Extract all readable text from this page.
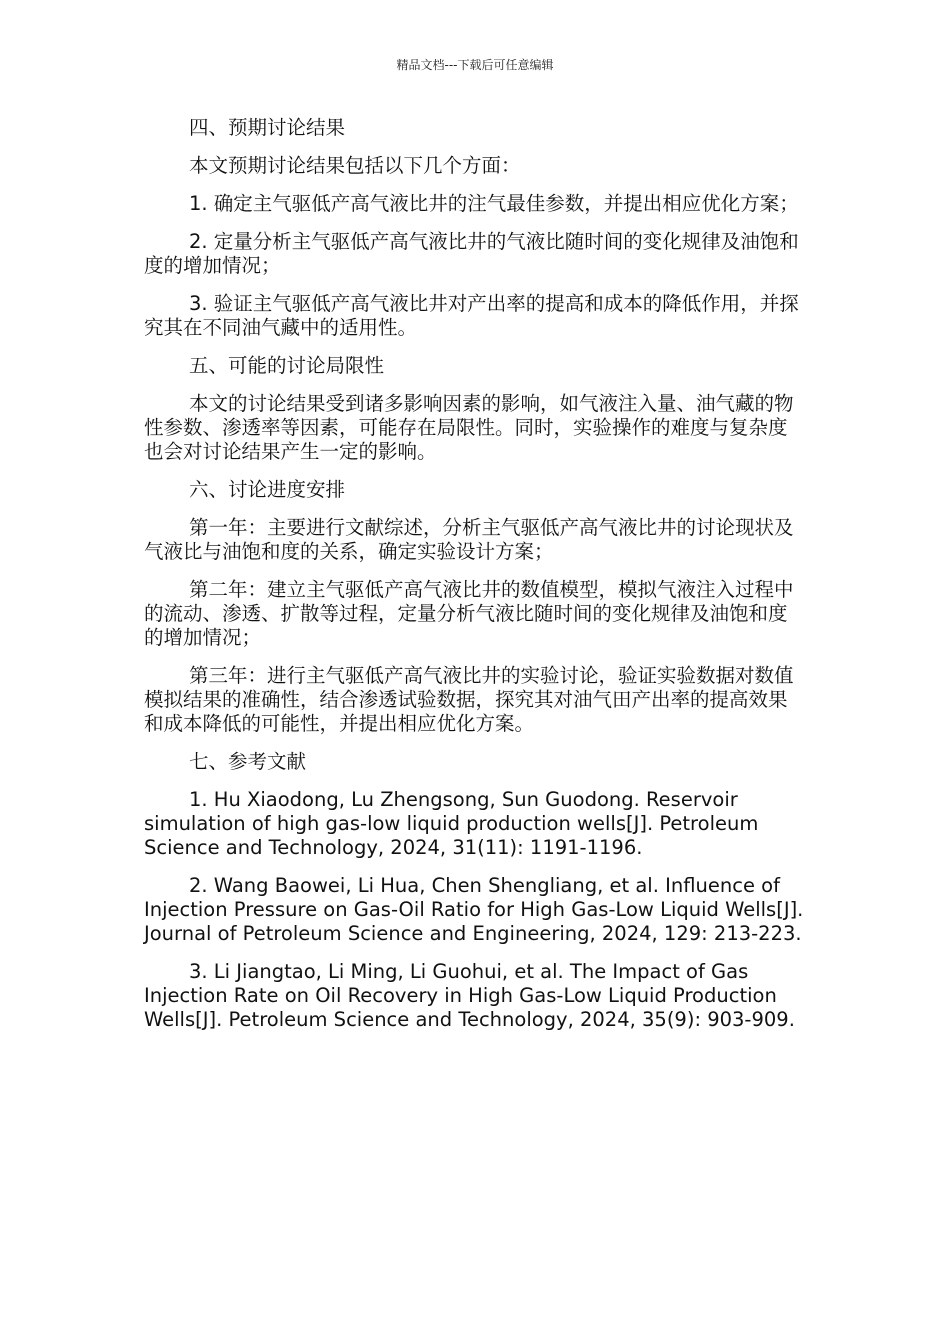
精品文档---下载后可任意编辑
四、预期讨论结果
本文预期讨论结果包括以下几个方面：
1. 确定主气驱低产高气液比井的注气最佳参数，并提出相应优化方案；
2. 定量分析主气驱低产高气液比井的气液比随时间的变化规律及油饱和度的增加情况；
3. 验证主气驱低产高气液比井对产出率的提高和成本的降低作用，并探究其在不同油气藏中的适用性。
五、可能的讨论局限性
本文的讨论结果受到诸多影响因素的影响，如气液注入量、油气藏的物性参数、渗透率等因素，可能存在局限性。同时，实验操作的难度与复杂度也会对讨论结果产生一定的影响。
六、讨论进度安排
第一年：主要进行文献综述，分析主气驱低产高气液比井的讨论现状及气液比与油饱和度的关系，确定实验设计方案；
第二年：建立主气驱低产高气液比井的数值模型，模拟气液注入过程中的流动、渗透、扩散等过程，定量分析气液比随时间的变化规律及油饱和度的增加情况；
第三年：进行主气驱低产高气液比井的实验讨论，验证实验数据对数值模拟结果的准确性，结合渗透试验数据，探究其对油气田产出率的提高效果和成本降低的可能性，并提出相应优化方案。
七、参考文献
1. Hu Xiaodong, Lu Zhengsong, Sun Guodong. Reservoir simulation of high gas-low liquid production wells[J]. Petroleum Science and Technology, 2024, 31(11): 1191-1196.
2. Wang Baowei, Li Hua, Chen Shengliang, et al. Influence of Injection Pressure on Gas-Oil Ratio for High Gas-Low Liquid Wells[J]. Journal of Petroleum Science and Engineering, 2024, 129: 213-223.
3. Li Jiangtao, Li Ming, Li Guohui, et al. The Impact of Gas Injection Rate on Oil Recovery in High Gas-Low Liquid Production Wells[J]. Petroleum Science and Technology, 2024, 35(9): 903-909.
